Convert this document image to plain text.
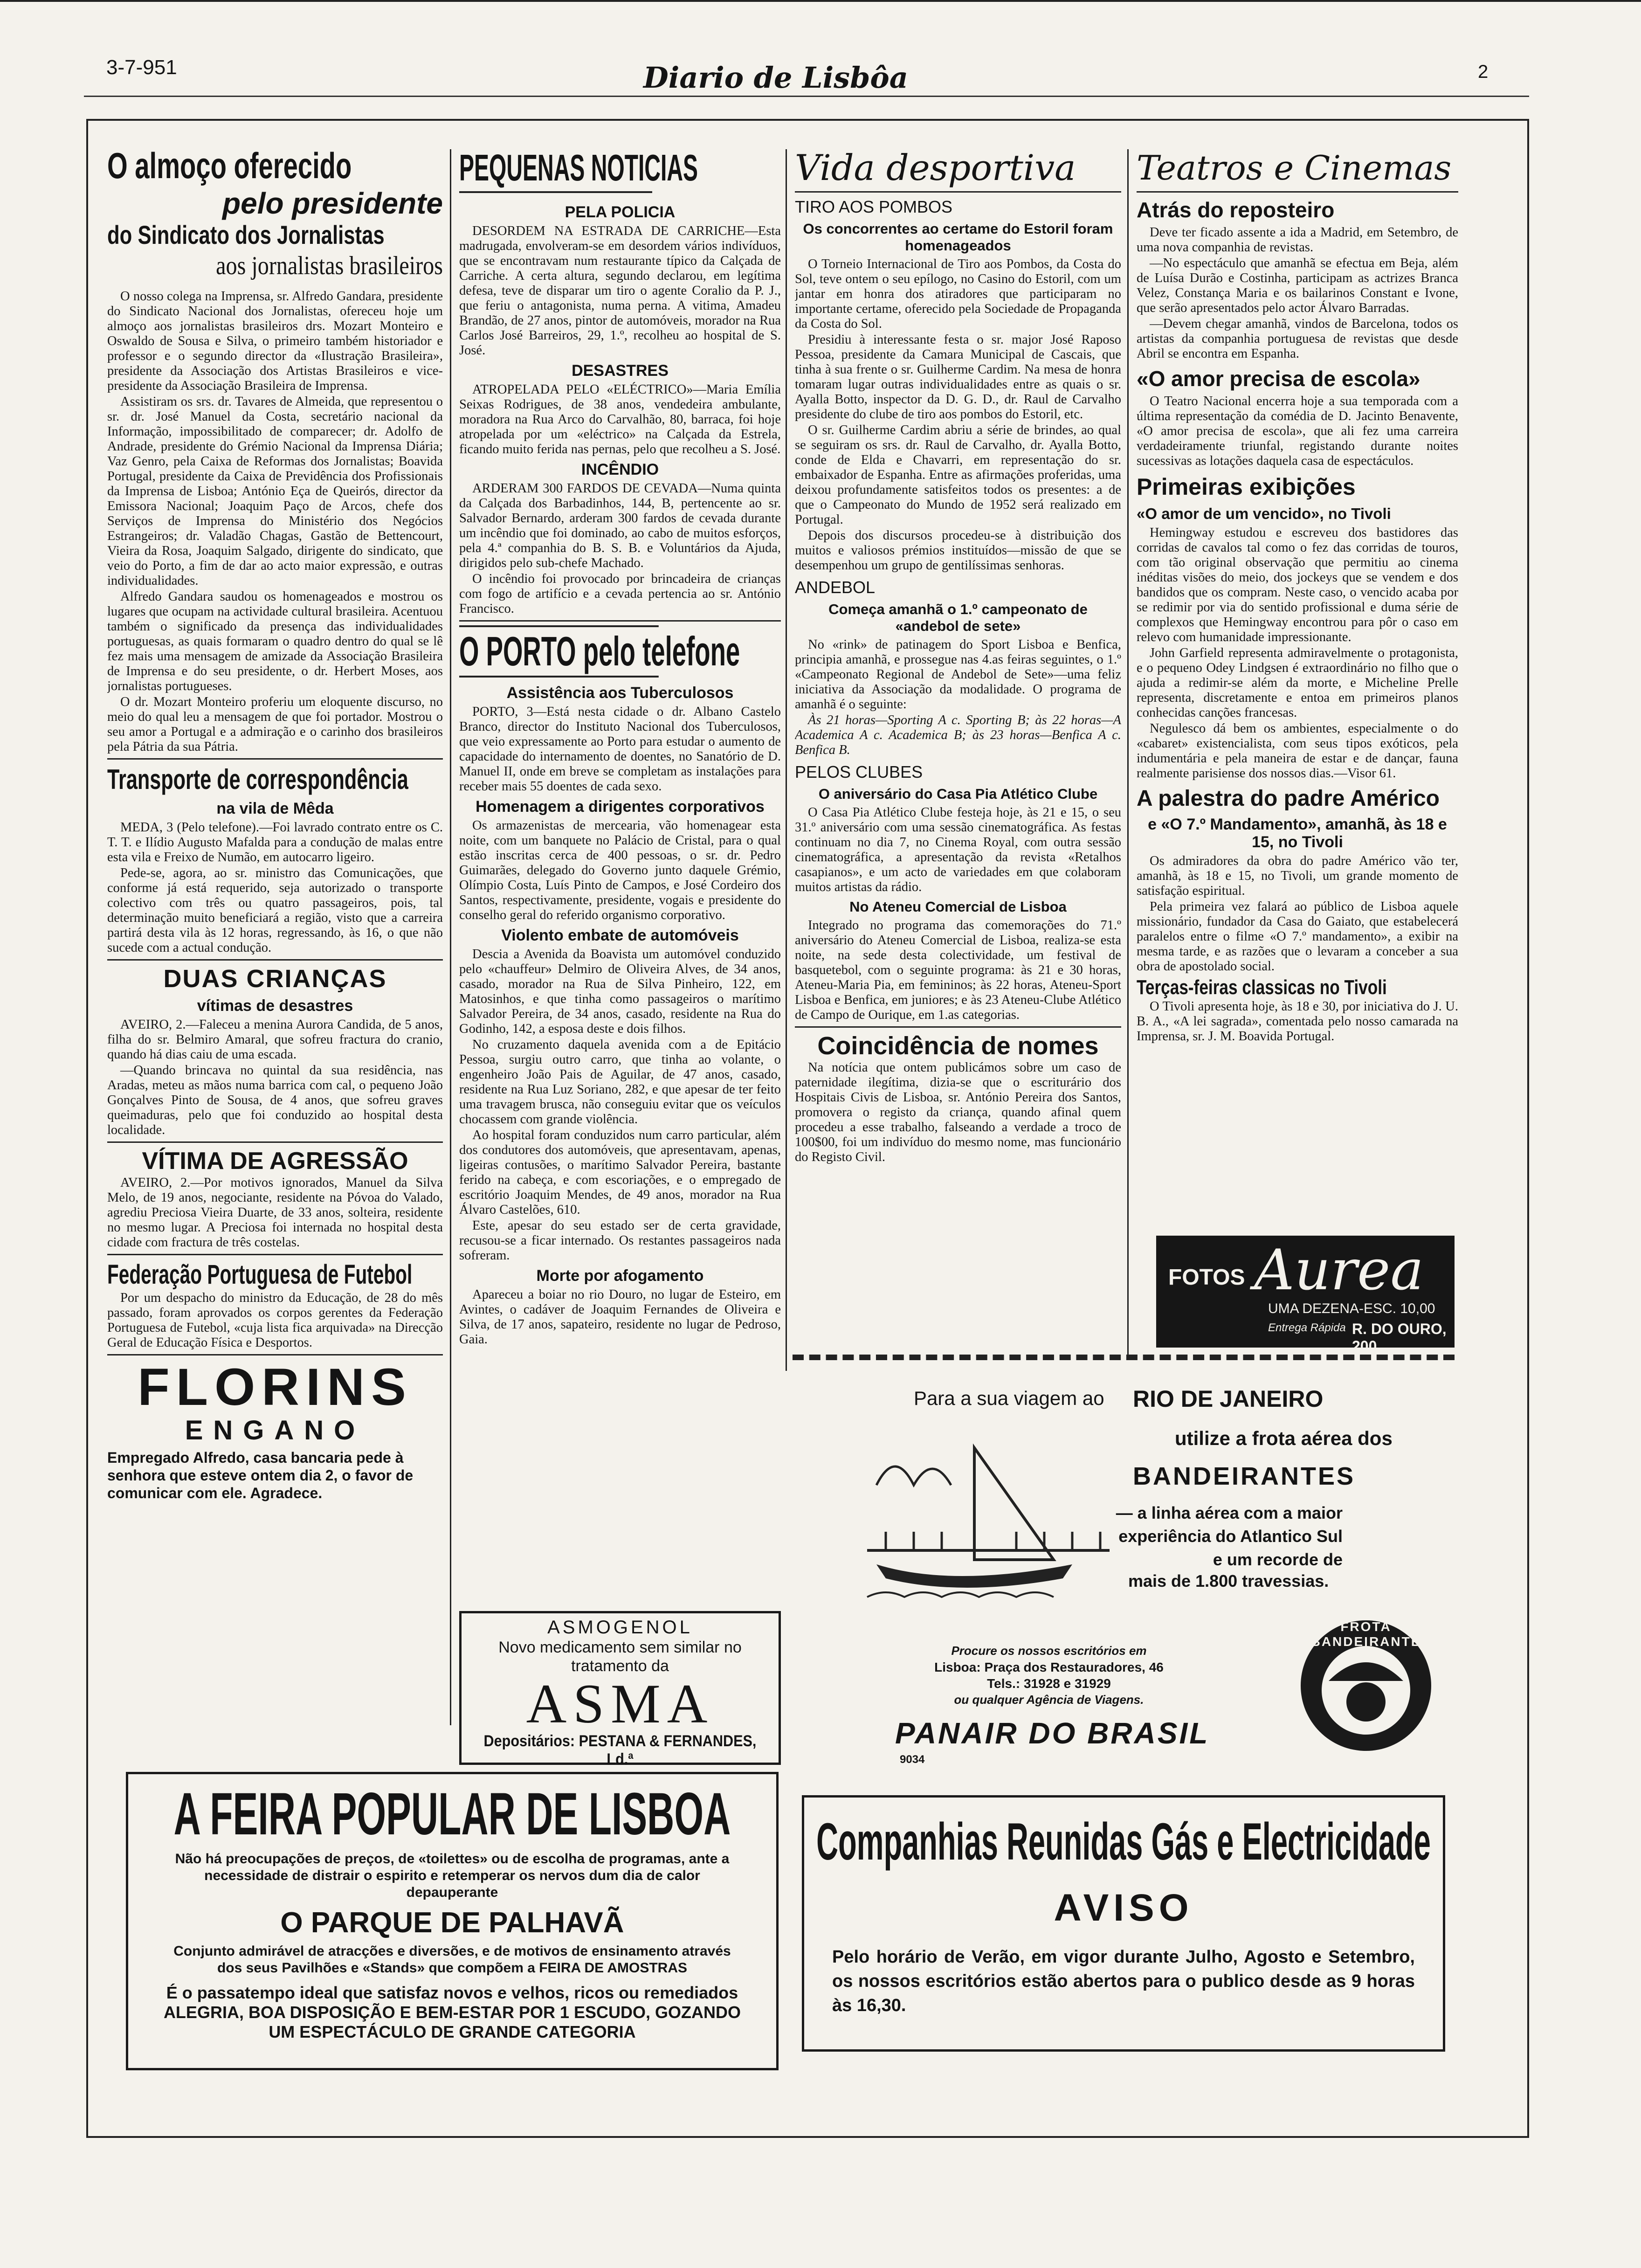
3-7-951	Diario de Lisbôa	2
O almoço oferecido
pelo presidente
do Sindicato dos Jornalistas
aos jornalistas brasileiros

O nosso colega na Imprensa, sr. Alfredo Gandara, presidente do Sindicato Nacional dos Jornalistas, ofereceu hoje um almoço aos jornalistas brasileiros drs. Mozart Monteiro e Oswaldo de Sousa e Silva, o primeiro também historiador e professor e o segundo director da «Ilustração Brasileira», presidente da Associação dos Artistas Brasileiros e vice-presidente da Associação Brasileira de Imprensa.

Assistiram os srs. dr. Tavares de Almeida, que representou o sr. dr. José Manuel da Costa, secretário nacional da Informação, impossibilitado de comparecer; dr. Adolfo de Andrade, presidente do Grémio Nacional da Imprensa Diária; Vaz Genro, pela Caixa de Reformas dos Jornalistas; Boavida Portugal, presidente da Caixa de Previdência dos Profissionais da Imprensa de Lisboa; António Eça de Queirós, director da Emissora Nacional; Joaquim Paço de Arcos, chefe dos Serviços de Imprensa do Ministério dos Negócios Estrangeiros; dr. Valadão Chagas, Gastão de Bettencourt, Vieira da Rosa, Joaquim Salgado, dirigente do sindicato, que veio do Porto, a fim de dar ao acto maior expressão, e outras individualidades.

Alfredo Gandara saudou os homenageados e mostrou os lugares que ocupam na actividade cultural brasileira. Acentuou também o significado da presença das individualidades portuguesas, as quais formaram o quadro dentro do qual se lê fez mais uma mensagem de amizade da Associação Brasileira de Imprensa e do seu presidente, o dr. Herbert Moses, aos jornalistas portugueses.

O dr. Mozart Monteiro proferiu um eloquente discurso, no meio do qual leu a mensagem de que foi portador. Mostrou o seu amor a Portugal e a admiração e o carinho dos brasileiros pela Pátria da sua Pátria.

Transporte de correspondência
na vila de Mêda

MEDA, 3 (Pelo telefone).—Foi lavrado contrato entre os C. T. T. e Ilídio Augusto Mafalda para a condução de malas entre esta vila e Freixo de Numão, em autocarro ligeiro.

Pede-se, agora, ao sr. ministro das Comunicações, que conforme já está requerido, seja autorizado o transporte colectivo com três ou quatro passageiros, pois, tal determinação muito beneficiará a região, visto que a carreira partirá desta vila às 12 horas, regressando, às 16, o que não sucede com a actual condução.

DUAS CRIANÇAS
vítimas de desastres

AVEIRO, 2.—Faleceu a menina Aurora Candida, de 5 anos, filha do sr. Belmiro Amaral, que sofreu fractura do cranio, quando há dias caiu de uma escada.

—Quando brincava no quintal da sua residência, nas Aradas, meteu as mãos numa barrica com cal, o pequeno João Gonçalves Pinto de Sousa, de 4 anos, que sofreu graves queimaduras, pelo que foi conduzido ao hospital desta localidade.

VÍTIMA DE AGRESSÃO

AVEIRO, 2.—Por motivos ignorados, Manuel da Silva Melo, de 19 anos, negociante, residente na Póvoa do Valado, agrediu Preciosa Vieira Duarte, de 33 anos, solteira, residente no mesmo lugar. A Preciosa foi internada no hospital desta cidade com fractura de três costelas.

Federação Portuguesa de Futebol

Por um despacho do ministro da Educação, de 28 do mês passado, foram aprovados os corpos gerentes da Federação Portuguesa de Futebol, «cuja lista fica arquivada» na Direcção Geral de Educação Física e Desportos.

FLORINS
ENGANO
Empregado Alfredo, casa bancaria pede à senhora que esteve ontem dia 2, o favor de comunicar com ele. Agradece.
PEQUENAS NOTICIAS
PELA POLICIA

DESORDEM NA ESTRADA DE CARRICHE—Esta madrugada, envolveram-se em desordem vários indivíduos, que se encontravam num restaurante típico da Calçada de Carriche. A certa altura, segundo declarou, em legítima defesa, teve de disparar um tiro o agente Coralio da P. J., que feriu o antagonista, numa perna. A vitima, Amadeu Brandão, de 27 anos, pintor de automóveis, morador na Rua Carlos José Barreiros, 29, 1.º, recolheu ao hospital de S. José.

DESASTRES

ATROPELADA PELO «ELÉCTRICO»—Maria Emília Seixas Rodrigues, de 38 anos, vendedeira ambulante, moradora na Rua Arco do Carvalhão, 80, barraca, foi hoje atropelada por um «eléctrico» na Calçada da Estrela, ficando muito ferida nas pernas, pelo que recolheu a S. José.

INCÊNDIO

ARDERAM 300 FARDOS DE CEVADA—Numa quinta da Calçada dos Barbadinhos, 144, B, pertencente ao sr. Salvador Bernardo, arderam 300 fardos de cevada durante um incêndio que foi dominado, ao cabo de muitos esforços, pela 4.ª companhia do B. S. B. e Voluntários da Ajuda, dirigidos pelo sub-chefe Machado.

O incêndio foi provocado por brincadeira de crianças com fogo de artifício e a cevada pertencia ao sr. António Francisco.

O PORTO pelo telefone
Assistência aos Tuberculosos

PORTO, 3—Está nesta cidade o dr. Albano Castelo Branco, director do Instituto Nacional dos Tuberculosos, que veio expressamente ao Porto para estudar o aumento de capacidade do internamento de doentes, no Sanatório de D. Manuel II, onde em breve se completam as instalações para receber mais 55 doentes de cada sexo.

Homenagem a dirigentes corporativos

Os armazenistas de mercearia, vão homenagear esta noite, com um banquete no Palácio de Cristal, para o qual estão inscritas cerca de 400 pessoas, o sr. dr. Pedro Guimarães, delegado do Governo junto daquele Grémio, Olímpio Costa, Luís Pinto de Campos, e José Cordeiro dos Santos, respectivamente, presidente, vogais e presidente do conselho geral do referido organismo corporativo.

Violento embate de automóveis

Descia a Avenida da Boavista um automóvel conduzido pelo «chauffeur» Delmiro de Oliveira Alves, de 34 anos, casado, morador na Rua de Silva Pinheiro, 122, em Matosinhos, e que tinha como passageiros o marítimo Salvador Pereira, de 34 anos, casado, residente na Rua do Godinho, 142, a esposa deste e dois filhos.

No cruzamento daquela avenida com a de Epitácio Pessoa, surgiu outro carro, que tinha ao volante, o engenheiro João Pais de Aguilar, de 47 anos, casado, residente na Rua Luz Soriano, 282, e que apesar de ter feito uma travagem brusca, não conseguiu evitar que os veículos chocassem com grande violência.

Ao hospital foram conduzidos num carro particular, além dos condutores dos automóveis, que apresentavam, apenas, ligeiras contusões, o marítimo Salvador Pereira, bastante ferido na cabeça, e com escoriações, e o empregado de escritório Joaquim Mendes, de 49 anos, morador na Rua Álvaro Castelões, 610.

Este, apesar do seu estado ser de certa gravidade, recusou-se a ficar internado. Os restantes passageiros nada sofreram.

Morte por afogamento

Apareceu a boiar no rio Douro, no lugar de Esteiro, em Avintes, o cadáver de Joaquim Fernandes de Oliveira e Silva, de 17 anos, sapateiro, residente no lugar de Pedroso, Gaia.

ASMOGENOL
Novo medicamento sem similar no tratamento da
ASMA
Depositários: PESTANA & FERNANDES, Ld.ª
Vida desportiva
TIRO AOS POMBOS
Os concorrentes ao certame do Estoril foram homenageados

O Torneio Internacional de Tiro aos Pombos, da Costa do Sol, teve ontem o seu epílogo, no Casino do Estoril, com um jantar em honra dos atiradores que participaram no importante certame, oferecido pela Sociedade de Propaganda da Costa do Sol.

Presidiu à interessante festa o sr. major José Raposo Pessoa, presidente da Camara Municipal de Cascais, que tinha à sua frente o sr. Guilherme Cardim. Na mesa de honra tomaram lugar outras individualidades entre as quais o sr. Ayalla Botto, inspector da D. G. D., dr. Raul de Carvalho presidente do clube de tiro aos pombos do Estoril, etc.

O sr. Guilherme Cardim abriu a série de brindes, ao qual se seguiram os srs. dr. Raul de Carvalho, dr. Ayalla Botto, conde de Elda e Chavarri, em representação do sr. embaixador de Espanha. Entre as afirmações proferidas, uma deixou profundamente satisfeitos todos os presentes: a de que o Campeonato do Mundo de 1952 será realizado em Portugal.

Depois dos discursos procedeu-se à distribuição dos muitos e valiosos prémios instituídos—missão de que se desempenhou um grupo de gentilíssimas senhoras.

ANDEBOL
Começa amanhã o 1.º campeonato de «andebol de sete»

No «rink» de patinagem do Sport Lisboa e Benfica, principia amanhã, e prossegue nas 4.as feiras seguintes, o 1.º «Campeonato Regional de Andebol de Sete»—uma feliz iniciativa da Associação da modalidade. O programa de amanhã é o seguinte:

Às 21 horas—Sporting A c. Sporting B; às 22 horas—A Academica A c. Academica B; às 23 horas—Benfica A c. Benfica B.

PELOS CLUBES
O aniversário do Casa Pia Atlético Clube

O Casa Pia Atlético Clube festeja hoje, às 21 e 15, o seu 31.º aniversário com uma sessão cinematográfica. As festas continuam no dia 7, no Cinema Royal, com outra sessão cinematográfica, a apresentação da revista «Retalhos casapianos», e um acto de variedades em que colaboram muitos artistas da rádio.

No Ateneu Comercial de Lisboa

Integrado no programa das comemorações do 71.º aniversário do Ateneu Comercial de Lisboa, realiza-se esta noite, na sede desta colectividade, um festival de basquetebol, com o seguinte programa: às 21 e 30 horas, Ateneu-Maria Pia, em femininos; às 22 horas, Ateneu-Sport Lisboa e Benfica, em juniores; e às 23 Ateneu-Clube Atlético de Campo de Ourique, em 1.as categorias.

Coincidência de nomes

Na notícia que ontem publicámos sobre um caso de paternidade ilegítima, dizia-se que o escriturário dos Hospitais Civis de Lisboa, sr. António Pereira dos Santos, promovera o registo da criança, quando afinal quem procedeu a esse trabalho, falseando a verdade a troco de 100$00, foi um indivíduo do mesmo nome, mas funcionário do Registo Civil.

Teatros e Cinemas
Atrás do reposteiro

Deve ter ficado assente a ida a Madrid, em Setembro, de uma nova companhia de revistas.

—No espectáculo que amanhã se efectua em Beja, além de Luísa Durão e Costinha, participam as actrizes Branca Velez, Constança Maria e os bailarinos Constant e Ivone, que serão apresentados pelo actor Álvaro Barradas.

—Devem chegar amanhã, vindos de Barcelona, todos os artistas da companhia portuguesa de revistas que desde Abril se encontra em Espanha.

«O amor precisa de escola»

O Teatro Nacional encerra hoje a sua temporada com a última representação da comédia de D. Jacinto Benavente, «O amor precisa de escola», que ali fez uma carreira verdadeiramente triunfal, registando durante noites sucessivas as lotações daquela casa de espectáculos.

Primeiras exibições
«O amor de um vencido», no Tivoli

Hemingway estudou e escreveu dos bastidores das corridas de cavalos tal como o fez das corridas de touros, com tão original observação que permitiu ao cinema inéditas visões do meio, dos jockeys que se vendem e dos bandidos que os compram. Neste caso, o vencido acaba por se redimir por via do sentido profissional e duma série de complexos que Hemingway encontrou para pôr o caso em relevo com humanidade impressionante.

John Garfield representa admiravelmente o protagonista, e o pequeno Odey Lindgsen é extraordinário no filho que o ajuda a redimir-se além da morte, e Micheline Prelle representa, discretamente e entoa em primeiros planos conhecidas canções francesas.

Negulesco dá bem os ambientes, especialmente o do «cabaret» existencialista, com seus tipos exóticos, pela indumentária e pela maneira de estar e de dançar, fauna realmente parisiense dos nossos dias.—Visor 61.

A palestra do padre Américo
e «O 7.º Mandamento», amanhã, às 18 e 15, no Tivoli

Os admiradores da obra do padre Américo vão ter, amanhã, às 18 e 15, no Tivoli, um grande momento de satisfação espiritual.

Pela primeira vez falará ao público de Lisboa aquele missionário, fundador da Casa do Gaiato, que estabelecerá paralelos entre o filme «O 7.º mandamento», a exibir na mesma tarde, e as razões que o levaram a conceber a sua obra de apostolado social.

Terças-feiras classicas no Tivoli

O Tivoli apresenta hoje, às 18 e 30, por iniciativa do J. U. B. A., «A lei sagrada», comentada pelo nosso camarada na Imprensa, sr. J. M. Boavida Portugal.

FOTOS Aurea
UMA DEZENA-ESC. 10,00
Entrega Rápida R. DO OURO, 200
Para a sua viagem ao RIO DE JANEIRO
utilize a frota aérea dos
BANDEIRANTES
— a linha aérea com a maior experiência do Atlantico Sul e um recorde de
mais de 1.800 travessias.
Procure os nossos escritórios em
Lisboa: Praça dos Restauradores, 46
Tels.: 31928 e 31929
ou qualquer Agência de Viagens.
PANAIR DO BRASIL
9034
FROTA BANDEIRANTE
A FEIRA POPULAR DE LISBOA
Não há preocupações de preços, de «toilettes» ou de escolha de programas, ante a necessidade de distrair o espirito e retemperar os nervos dum dia de calor depauperante
O PARQUE DE PALHAVÃ
Conjunto admirável de atracções e diversões, e de motivos de ensinamento através dos seus Pavilhões e «Stands» que compõem a FEIRA DE AMOSTRAS
É o passatempo ideal que satisfaz novos e velhos, ricos ou remediados
ALEGRIA, BOA DISPOSIÇÃO E BEM-ESTAR POR 1 ESCUDO, GOZANDO UM ESPECTÁCULO DE GRANDE CATEGORIA
Companhias Reunidas Gás e Electricidade
AVISO
Pelo horário de Verão, em vigor durante Julho, Agosto e Setembro, os nossos escritórios estão abertos para o publico desde as 9 horas às 16,30.
